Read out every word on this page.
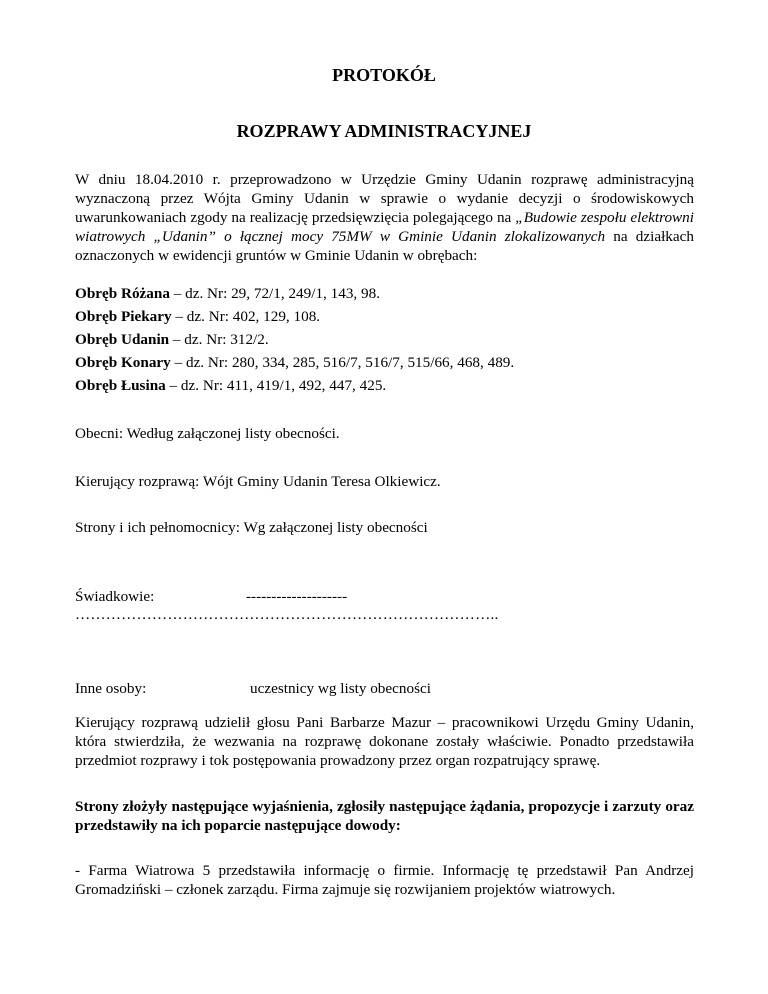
PROTOKÓŁ
ROZPRAWY ADMINISTRACYJNEJ
W dniu 18.04.2010 r. przeprowadzono w Urzędzie Gminy Udanin rozprawę administracyjną wyznaczoną przez Wójta Gminy Udanin w sprawie o wydanie decyzji o środowiskowych uwarunkowaniach zgody na realizację przedsięwzięcia polegającego na „Budowie zespołu elektrowni wiatrowych „Udanin” o łącznej mocy 75MW w Gminie Udanin zlokalizowanych na działkach oznaczonych w ewidencji gruntów w Gminie Udanin w obrębach:
Obręb Różana – dz. Nr: 29, 72/1, 249/1, 143, 98.
Obręb Piekary – dz. Nr: 402, 129, 108.
Obręb Udanin – dz. Nr: 312/2.
Obręb Konary – dz. Nr: 280, 334, 285, 516/7, 516/7, 515/66, 468, 489.
Obręb Łusina – dz. Nr: 411, 419/1, 492, 447, 425.
Obecni: Według załączonej listy obecności.
Kierujący rozprawą: Wójt Gminy Udanin Teresa Olkiewicz.
Strony i ich pełnomocnicy: Wg załączonej listy obecności
Świadkowie:	--------------------
………………………………………………………………………..
Inne osoby:	uczestnicy wg listy obecności
Kierujący rozprawą udzielił głosu Pani Barbarze Mazur – pracownikowi Urzędu Gminy Udanin, która stwierdziła, że wezwania na rozprawę dokonane zostały właściwie. Ponadto przedstawiła przedmiot rozprawy i tok postępowania prowadzony przez organ rozpatrujący sprawę.
Strony złożyły następujące wyjaśnienia, zgłosiły następujące żądania, propozycje i zarzuty oraz przedstawiły na ich poparcie następujące dowody:
- Farma Wiatrowa 5 przedstawiła informację o firmie. Informację tę przedstawił Pan Andrzej Gromadziński – członek zarządu. Firma zajmuje się rozwijaniem projektów wiatrowych.
